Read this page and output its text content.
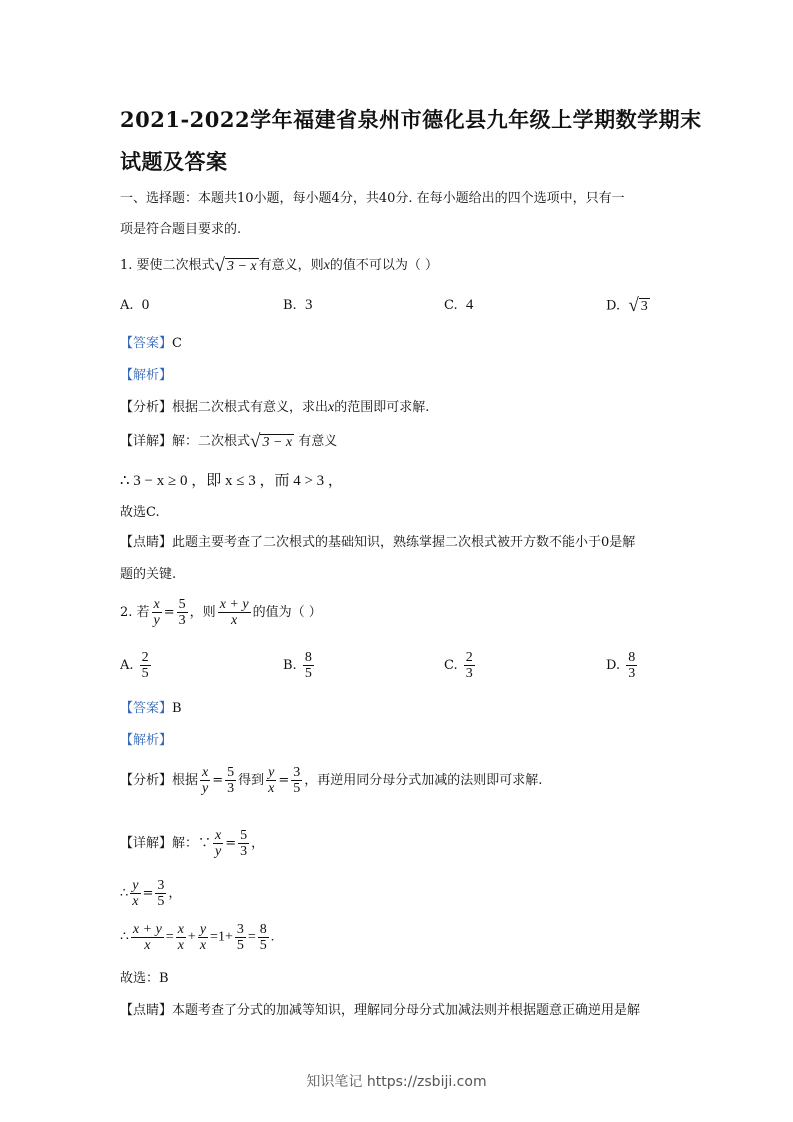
2021-2022学年福建省泉州市德化县九年级上学期数学期末
试题及答案
一、选择题：本题共10小题，每小题4分，共40分. 在每小题给出的四个选项中，只有一
项是符合题目要求的.
1. 要使二次根式 √ 3 − x 有意义，则x的值不可以为（ ）
A. 0	B. 3	C. 4	D. √ 3
【答案】C
【解析】
【分析】根据二次根式有意义，求出x的范围即可求解.
【详解】解：二次根式 √ 3 − x 有意义
∴ 3 − x ≥ 0 ，即 x ≤ 3 ，而 4 > 3 ，
故选C.
【点睛】此题主要考查了二次根式的基础知识，熟练掌握二次根式被开方数不能小于0是解
题的关键.
2. 若 $\frac{x}{y} = \frac{5}{3}$ ，则 $\frac{x + y}{x}$ 的值为（ ）
A. $\frac{2}{5}$	B. $\frac{8}{5}$	C. $\frac{2}{3}$	D. $\frac{8}{3}$
【答案】B
【解析】
【分析】根据 $\frac{x}{y} = \frac{5}{3}$ 得到 $\frac{y}{x} = \frac{3}{5}$ ，再逆用同分母分式加减的法则即可求解.
【详解】解：∵ $\frac{x}{y} = \frac{5}{3}$ ，
∴ $\frac{y}{x} = \frac{3}{5}$ ，
∴ $\frac{x + y}{x} = \frac{x}{x} + \frac{y}{x} =1+ \frac{3}{5} = \frac{8}{5}$ .
故选：B
【点睛】本题考查了分式的加减等知识，理解同分母分式加减法则并根据题意正确逆用是解
知识笔记 https://zsbiji.com
